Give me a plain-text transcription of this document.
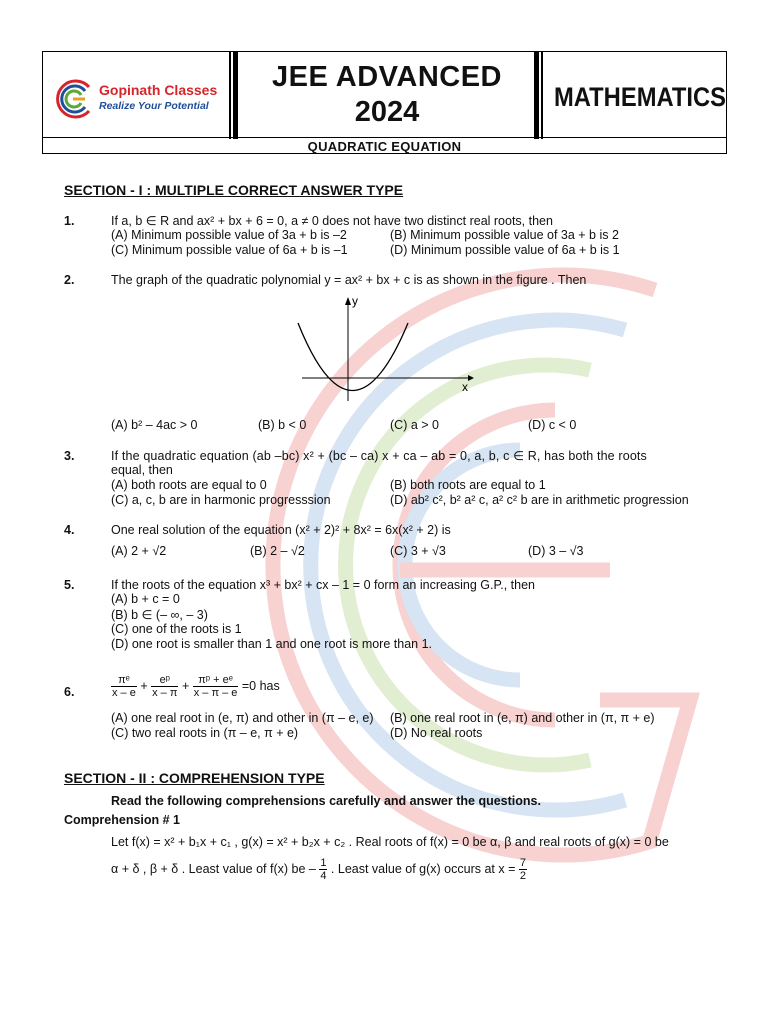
Gopinath Classes
Realize Your Potential
JEE ADVANCED
2024	MATHEMATICS
QUADRATIC EQUATION
SECTION - I : MULTIPLE CORRECT ANSWER TYPE
1.	If a, b ∈ R and ax² + bx + 6 = 0, a ≠ 0 does not have two distinct real roots, then
(A) Minimum possible value of 3a + b is –2	(B) Minimum possible value of 3a + b is 2
(C) Minimum possible value of 6a + b is –1	(D) Minimum possible value of 6a + b is 1
2.	The graph of the quadratic polynomial y = ax² + bx + c is as shown in the figure . Then
x
y
(A) b² – 4ac > 0	(B) b < 0	(C) a > 0	(D) c < 0
3.	If the quadratic equation (ab –bc) x² + (bc – ca) x + ca – ab = 0, a, b, c ∈ R, has both the roots
equal, then
(A) both roots are equal to 0	(B) both roots are equal to 1
(C) a, c, b are in harmonic progresssion	(D) ab² c², b² a² c, a² c² b are in arithmetic progression
4.	One real solution of the equation (x² + 2)² + 8x² = 6x(x² + 2) is
(A) 2 + √2	(B) 2 – √2	(C) 3 + √3	(D) 3 – √3
5.	If the roots of the equation x³ + bx² + cx – 1 = 0 form an increasing G.P., then
(A) b + c = 0
(B) b ∈ (– ∞, – 3)
(C) one of the roots is 1
(D) one root is smaller than 1 and one root is more than 1.
6.	$\frac{\text{πᵉ}}{x - e} + \frac{\text{eᵖ}}{x - \pi} + \frac{\text{πᵖ + eᵉ}}{x - \pi - e} =0$ has
(A) one real root in (e, π) and other in (π – e, e) (B) one real root in (e, π) and other in (π, π + e)
(C) two real roots in (π – e, π + e)	(D) No real roots
SECTION - II : COMPREHENSION TYPE
Read the following comprehensions carefully and answer the questions.
Comprehension # 1
Let f(x) = x² + b₁x + c₁ , g(x) = x² + b₂x + c₂ . Real roots of f(x) = 0 be α, β and real roots of g(x) = 0 be
α + δ , β + δ . Least value of f(x) be – $\frac{1}{4}$ . Least value of g(x) occurs at $x = \frac{7}{2}$
